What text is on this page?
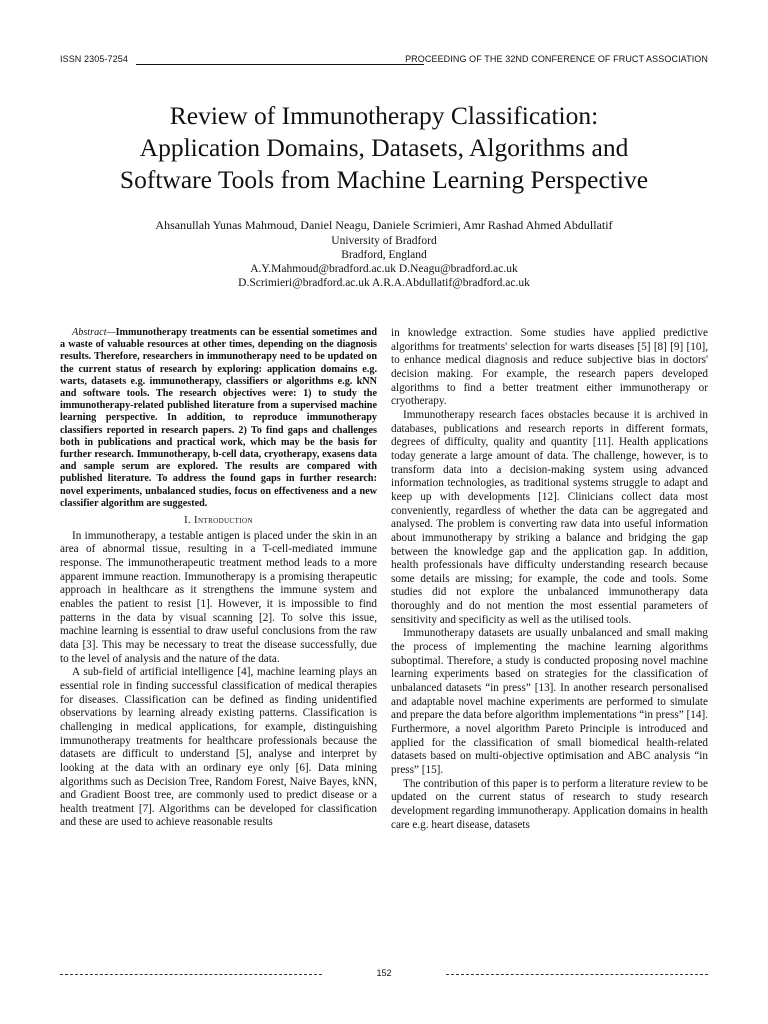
ISSN 2305-7254	PROCEEDING OF THE 32ND CONFERENCE OF FRUCT ASSOCIATION
Review of Immunotherapy Classification:
Application Domains, Datasets, Algorithms and
Software Tools from Machine Learning Perspective
Ahsanullah Yunas Mahmoud, Daniel Neagu, Daniele Scrimieri, Amr Rashad Ahmed Abdullatif
University of Bradford
Bradford, England
A.Y.Mahmoud@bradford.ac.uk D.Neagu@bradford.ac.uk
D.Scrimieri@bradford.ac.uk A.R.A.Abdullatif@bradford.ac.uk

Abstract—Immunotherapy treatments can be essential sometimes and a waste of valuable resources at other times, depending on the diagnosis results. Therefore, researchers in immunotherapy need to be updated on the current status of research by exploring: application domains e.g. warts, datasets e.g. immunotherapy, classifiers or algorithms e.g. kNN and software tools. The research objectives were: 1) to study the immunotherapy-related published literature from a supervised machine learning perspective. In addition, to reproduce immunotherapy classifiers reported in research papers. 2) To find gaps and challenges both in publications and practical work, which may be the basis for further research. Immunotherapy, b-cell data, cryotherapy, exasens data and sample serum are explored. The results are compared with published literature. To address the found gaps in further research: novel experiments, unbalanced studies, focus on effectiveness and a new classifier algorithm are suggested.

I. Introduction

In immunotherapy, a testable antigen is placed under the skin in an area of abnormal tissue, resulting in a T-cell-mediated immune response. The immunotherapeutic treatment method leads to a more apparent immune reaction. Immunotherapy is a promising therapeutic approach in healthcare as it strengthens the immune system and enables the patient to resist [1]. However, it is impossible to find patterns in the data by visual scanning [2]. To solve this issue, machine learning is essential to draw useful conclusions from the raw data [3]. This may be necessary to treat the disease successfully, due to the level of analysis and the nature of the data.

A sub-field of artificial intelligence [4], machine learning plays an essential role in finding successful classification of medical therapies for diseases. Classification can be defined as finding unidentified observations by learning already existing patterns. Classification is challenging in medical applications, for example, distinguishing immunotherapy treatments for healthcare professionals because the datasets are difficult to understand [5], analyse and interpret by looking at the data with an ordinary eye only [6]. Data mining algorithms such as Decision Tree, Random Forest, Naive Bayes, kNN, and Gradient Boost tree, are commonly used to predict disease or a health treatment [7]. Algorithms can be developed for classification and these are used to achieve reasonable results

in knowledge extraction. Some studies have applied predictive algorithms for treatments' selection for warts diseases [5] [8] [9] [10], to enhance medical diagnosis and reduce subjective bias in doctors' decision making. For example, the research papers developed algorithms to find a better treatment either immunotherapy or cryotherapy.

Immunotherapy research faces obstacles because it is archived in databases, publications and research reports in different formats, degrees of difficulty, quality and quantity [11]. Health applications today generate a large amount of data. The challenge, however, is to transform data into a decision-making system using advanced information technologies, as traditional systems struggle to adapt and keep up with developments [12]. Clinicians collect data most conveniently, regardless of whether the data can be aggregated and analysed. The problem is converting raw data into useful information about immunotherapy by striking a balance and bridging the gap between the knowledge gap and the application gap. In addition, health professionals have difficulty understanding research because some details are missing; for example, the code and tools. Some studies did not explore the unbalanced immunotherapy data thoroughly and do not mention the most essential parameters of sensitivity and specificity as well as the utilised tools.

Immunotherapy datasets are usually unbalanced and small making the process of implementing the machine learning algorithms suboptimal. Therefore, a study is conducted proposing novel machine learning experiments based on strategies for the classification of unbalanced datasets “in press” [13]. In another research personalised and adaptable novel machine experiments are performed to simulate and prepare the data before algorithm implementations “in press” [14]. Furthermore, a novel algorithm Pareto Principle is introduced and applied for the classification of small biomedical health-related datasets based on multi-objective optimisation and ABC analysis “in press” [15].

The contribution of this paper is to perform a literature review to be updated on the current status of research to study research development regarding immunotherapy. Application domains in health care e.g. heart disease, datasets

152
